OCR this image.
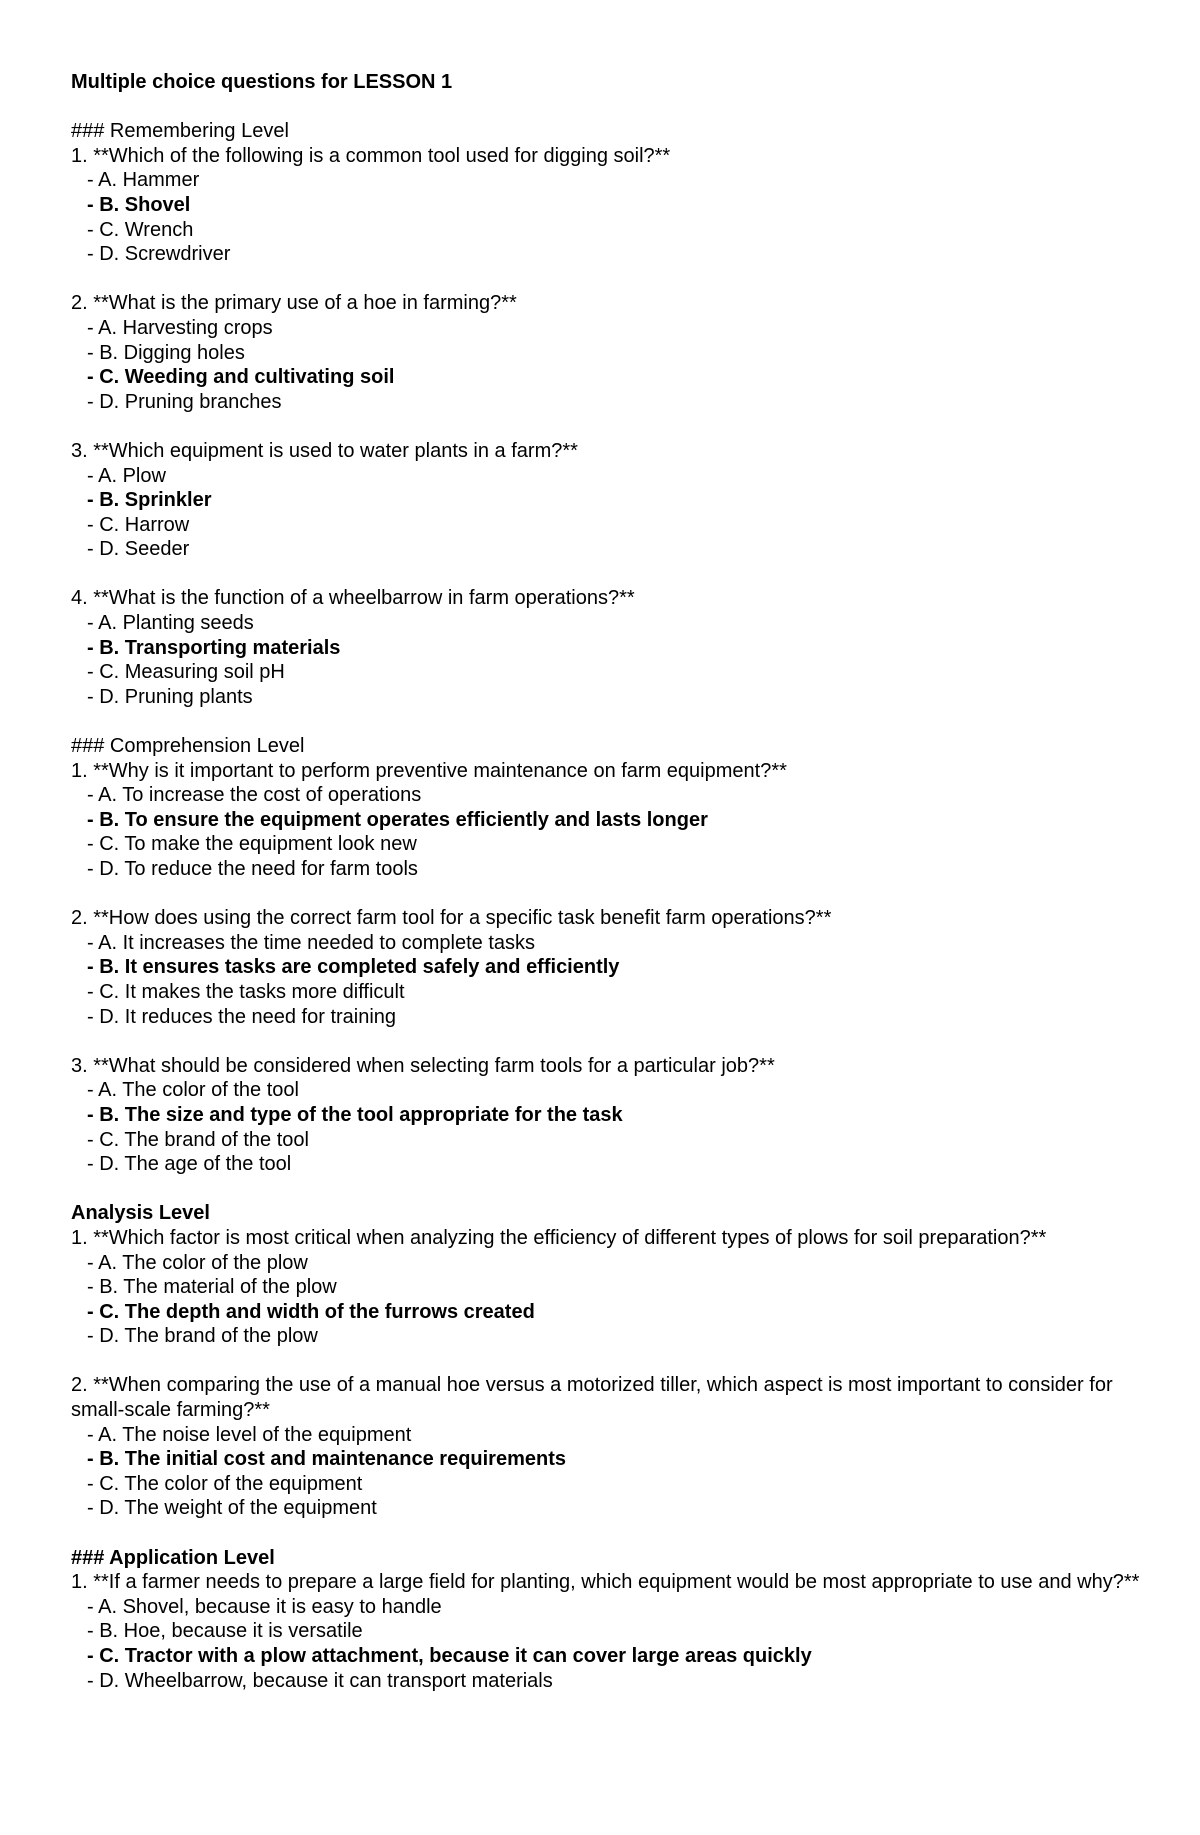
Multiple choice questions for LESSON 1

### Remembering Level

1. **Which of the following is a common tool used for digging soil?**

- A. Hammer

- B. Shovel

- C. Wrench

- D. Screwdriver

2. **What is the primary use of a hoe in farming?**

- A. Harvesting crops

- B. Digging holes

- C. Weeding and cultivating soil

- D. Pruning branches

3. **Which equipment is used to water plants in a farm?**

- A. Plow

- B. Sprinkler

- C. Harrow

- D. Seeder

4. **What is the function of a wheelbarrow in farm operations?**

- A. Planting seeds

- B. Transporting materials

- C. Measuring soil pH

- D. Pruning plants

### Comprehension Level

1. **Why is it important to perform preventive maintenance on farm equipment?**

- A. To increase the cost of operations

- B. To ensure the equipment operates efficiently and lasts longer

- C. To make the equipment look new

- D. To reduce the need for farm tools

2. **How does using the correct farm tool for a specific task benefit farm operations?**

- A. It increases the time needed to complete tasks

- B. It ensures tasks are completed safely and efficiently

- C. It makes the tasks more difficult

- D. It reduces the need for training

3. **What should be considered when selecting farm tools for a particular job?**

- A. The color of the tool

- B. The size and type of the tool appropriate for the task

- C. The brand of the tool

- D. The age of the tool

Analysis Level

1. **Which factor is most critical when analyzing the efficiency of different types of plows for soil preparation?**

- A. The color of the plow

- B. The material of the plow

- C. The depth and width of the furrows created

- D. The brand of the plow

2. **When comparing the use of a manual hoe versus a motorized tiller, which aspect is most important to consider for small-scale farming?**

- A. The noise level of the equipment

- B. The initial cost and maintenance requirements

- C. The color of the equipment

- D. The weight of the equipment

### Application Level

1. **If a farmer needs to prepare a large field for planting, which equipment would be most appropriate to use and why?**

- A. Shovel, because it is easy to handle

- B. Hoe, because it is versatile

- C. Tractor with a plow attachment, because it can cover large areas quickly

- D. Wheelbarrow, because it can transport materials
